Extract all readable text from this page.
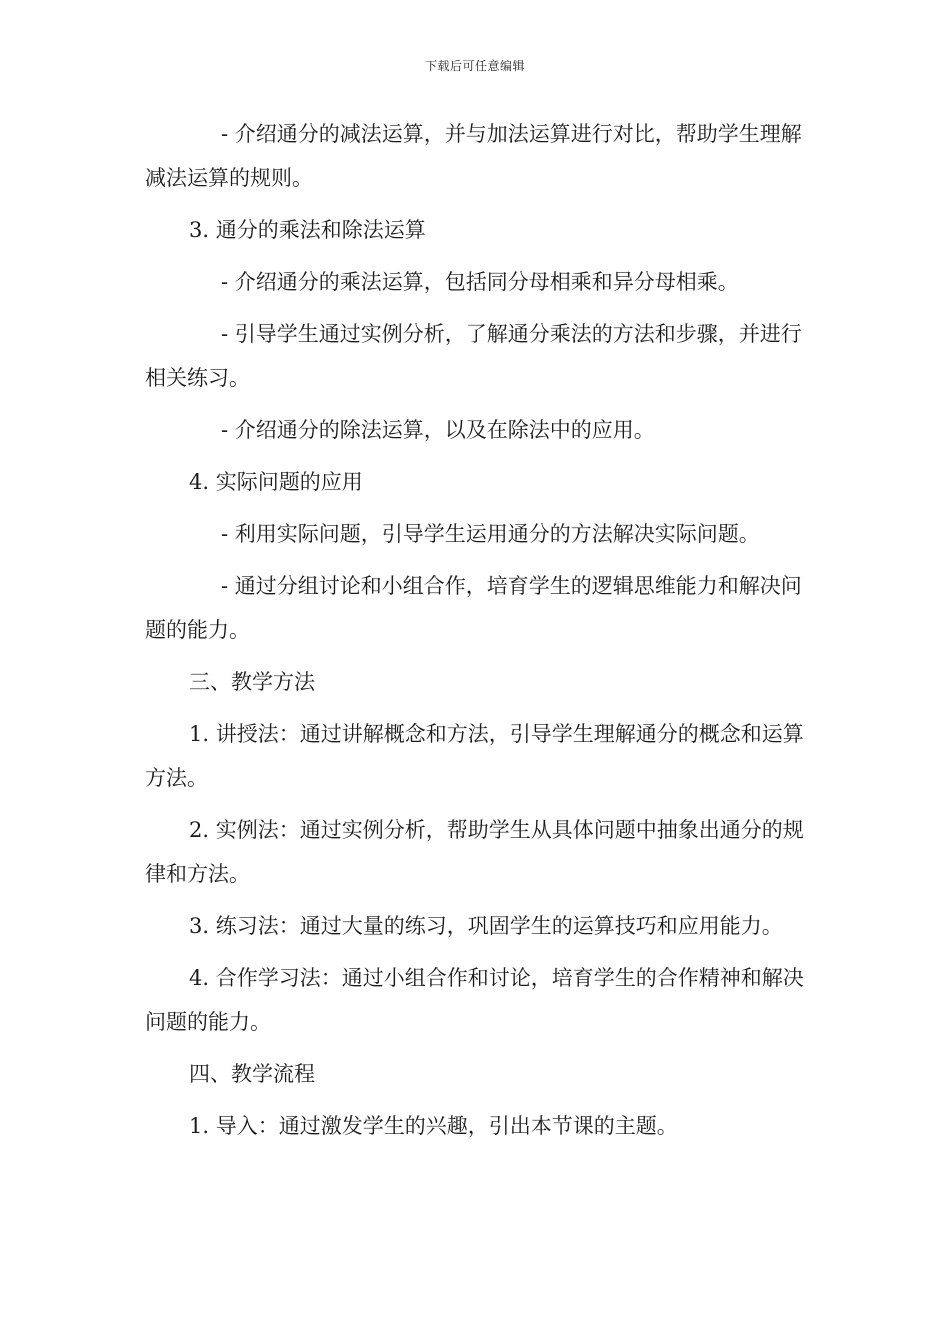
下载后可任意编辑

- 介绍通分的减法运算，并与加法运算进行对比，帮助学生理解减法运算的规则。

3. 通分的乘法和除法运算

- 介绍通分的乘法运算，包括同分母相乘和异分母相乘。

- 引导学生通过实例分析，了解通分乘法的方法和步骤，并进行相关练习。

- 介绍通分的除法运算，以及在除法中的应用。

4. 实际问题的应用

- 利用实际问题，引导学生运用通分的方法解决实际问题。

- 通过分组讨论和小组合作，培育学生的逻辑思维能力和解决问题的能力。

三、教学方法

1. 讲授法：通过讲解概念和方法，引导学生理解通分的概念和运算方法。

2. 实例法：通过实例分析，帮助学生从具体问题中抽象出通分的规律和方法。

3. 练习法：通过大量的练习，巩固学生的运算技巧和应用能力。

4. 合作学习法：通过小组合作和讨论，培育学生的合作精神和解决问题的能力。

四、教学流程

1. 导入：通过激发学生的兴趣，引出本节课的主题。
